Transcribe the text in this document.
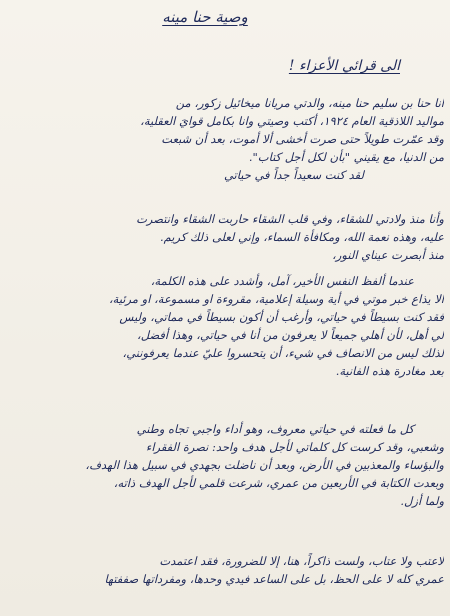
وصية حنا مينه
الى قرائي الأعزاء !
انا حنا بن سليم حنا مينه، والدتي مريانا ميخائيل زكور، من
مواليد اللاذقية العام ١٩٢٤، أكتب وصيتي وانا بكامل قوايَ العقلية،
وقد عمّرت طويلاً حتى صرت أخشى ألا أموت، بعد أن شبعت
من الدنيا، مع يقيني "بأن لكل أجل كتاب".
لقد كنت سعيداً جداً في حياتي
وأنا منذ ولادتي للشقاء، وفي قلب الشقاء حاربت الشقاء وانتصرت
عليه، وهذه نعمة الله، ومكافأة السماء، وإني لعلى ذلك كريم.
منذ أبصرت عيناي النور،
عندما ألفظ النفس الأخير، آمل، وأشدد على هذه الكلمة،
الا يذاع خبر موتي في أية وسيلة إعلامية، مقروءة او مسموعة، او مرئية،
فقد كنت بسيطاً في حياتي، وأرغب أن أكون بسيطاً في مماتي، وليس
لي أهل، لأن أهلي جميعاً لا يعرفون من أنا في حياتي، وهذا أفضل،
لذلك ليس من الانصاف في شيء، أن يتحسروا عليّ عندما يعرفونني،
بعد مغادرة هذه الفانية.
كل ما فعلته في حياتي معروف، وهو أداء واجبي تجاه وطني
وشعبي، وقد كرست كل كلماتي لأجل هدف واحد: نصرة الفقراء
والبؤساء والمعذبين في الأرض، وبعد أن ناضلت بجهدي في سبيل هذا الهدف،
وبعدت الكتابة في الأربعين من عمري، شرعت قلمي لأجل الهدف ذاته،
ولما أزل.
لاعتب ولا عتاب، ولست ذاكراً، هنا، إلا للضرورة، فقد اعتمدت
عمري كله لا على الحظ، بل على الساعد فيدي وحدها، ومفرداتها صففتها
